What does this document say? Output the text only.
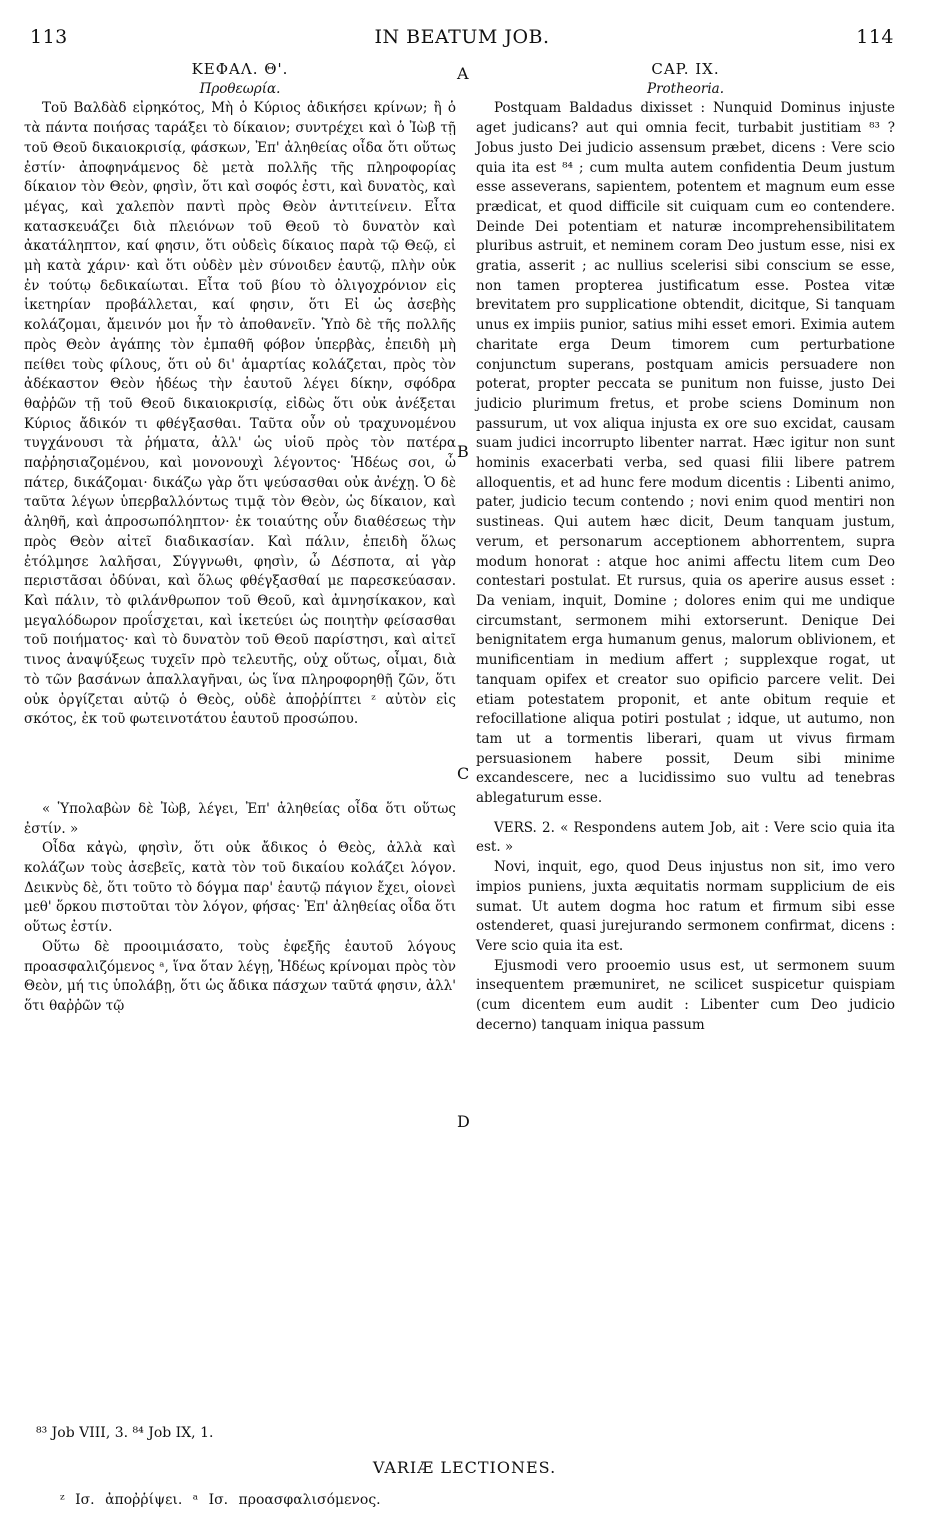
113	IN BEATUM JOB.	114

ΚΕΦΑΛ. Θ'.

Προθεωρία.

Τοῦ Βαλδὰδ εἰρηκότος, Μὴ ὁ Κύριος ἀδικήσει κρίνων; ἢ ὁ τὰ πάντα ποιήσας ταράξει τὸ δίκαιον; συντρέχει καὶ ὁ Ἰὼβ τῇ τοῦ Θεοῦ δικαιοκρισίᾳ, φάσκων, Ἐπ' ἀληθείας οἶδα ὅτι οὕτως ἐστίν· ἀποφηνάμενος δὲ μετὰ πολλῆς τῆς πληροφορίας δίκαιον τὸν Θεὸν, φησὶν, ὅτι καὶ σοφός ἐστι, καὶ δυνατὸς, καὶ μέγας, καὶ χαλεπὸν παντὶ πρὸς Θεὸν ἀντιτείνειν. Εἶτα κατασκευάζει διὰ πλειόνων τοῦ Θεοῦ τὸ δυνατὸν καὶ ἀκατάληπτον, καί φησιν, ὅτι οὐδεὶς δίκαιος παρὰ τῷ Θεῷ, εἰ μὴ κατὰ χάριν· καὶ ὅτι οὐδὲν μὲν σύνοιδεν ἑαυτῷ, πλὴν οὐκ ἐν τούτῳ δεδικαίωται. Εἶτα τοῦ βίου τὸ ὀλιγοχρόνιον εἰς ἱκετηρίαν προβάλλεται, καί φησιν, ὅτι Εἰ ὡς ἀσεβὴς κολάζομαι, ἄμεινόν μοι ἦν τὸ ἀποθανεῖν. Ὑπὸ δὲ τῆς πολλῆς πρὸς Θεὸν ἀγάπης τὸν ἐμπαθῆ φόβον ὑπερβὰς, ἐπειδὴ μὴ πείθει τοὺς φίλους, ὅτι οὐ δι' ἁμαρτίας κολάζεται, πρὸς τὸν ἀδέκαστον Θεὸν ἡδέως τὴν ἑαυτοῦ λέγει δίκην, σφόδρα θαῤῥῶν τῇ τοῦ Θεοῦ δικαιοκρισίᾳ, εἰδὼς ὅτι οὐκ ἀνέξεται Κύριος ἄδικόν τι φθέγξασθαι. Ταῦτα οὖν οὐ τραχυνομένου τυγχάνουσι τὰ ῥήματα, ἀλλ' ὡς υἱοῦ πρὸς τὸν πατέρα παῤῥησιαζομένου, καὶ μονονουχὶ λέγοντος· Ἡδέως σοι, ὦ πάτερ, δικάζομαι· δικάζω γὰρ ὅτι ψεύσασθαι οὐκ ἀνέχῃ. Ὁ δὲ ταῦτα λέγων ὑπερβαλλόντως τιμᾷ τὸν Θεὸν, ὡς δίκαιον, καὶ ἀληθῆ, καὶ ἀπροσωπόληπτον· ἐκ τοιαύτης οὖν διαθέσεως τὴν πρὸς Θεὸν αἰτεῖ διαδικασίαν. Καὶ πάλιν, ἐπειδὴ ὅλως ἐτόλμησε λαλῆσαι, Σύγγνωθι, φησὶν, ὦ Δέσποτα, αἱ γὰρ περιστᾶσαι ὀδύναι, καὶ ὅλως φθέγξασθαί με παρεσκεύασαν. Καὶ πάλιν, τὸ φιλάνθρωπον τοῦ Θεοῦ, καὶ ἀμνησίκακον, καὶ μεγαλόδωρον προΐσχεται, καὶ ἱκετεύει ὡς ποιητὴν φείσασθαι τοῦ ποιήματος· καὶ τὸ δυνατὸν τοῦ Θεοῦ παρίστησι, καὶ αἰτεῖ τινος ἀναψύξεως τυχεῖν πρὸ τελευτῆς, οὐχ οὕτως, οἶμαι, διὰ τὸ τῶν βασάνων ἀπαλλαγῆναι, ὡς ἵνα πληροφορηθῇ ζῶν, ὅτι οὐκ ὀργίζεται αὐτῷ ὁ Θεὸς, οὐδὲ ἀποῤῥίπτει ᶻ αὐτὸν εἰς σκότος, ἐκ τοῦ φωτεινοτάτου ἑαυτοῦ προσώπου.

« Ὑπολαβὼν δὲ Ἰὼβ, λέγει, Ἐπ' ἀληθείας οἶδα ὅτι οὕτως ἐστίν. »

Οἶδα κἀγὼ, φησὶν, ὅτι οὐκ ἄδικος ὁ Θεὸς, ἀλλὰ καὶ κολάζων τοὺς ἀσεβεῖς, κατὰ τὸν τοῦ δικαίου κολάζει λόγον. Δεικνὺς δὲ, ὅτι τοῦτο τὸ δόγμα παρ' ἑαυτῷ πάγιον ἔχει, οἱονεὶ μεθ' ὅρκου πιστοῦται τὸν λόγον, φήσας· Ἐπ' ἀληθείας οἶδα ὅτι οὕτως ἐστίν.

Οὕτω δὲ προοιμιάσατο, τοὺς ἐφεξῆς ἑαυτοῦ λόγους προασφαλιζόμενος ᵃ, ἵνα ὅταν λέγῃ, Ἡδέως κρίνομαι πρὸς τὸν Θεὸν, μή τις ὑπολάβῃ, ὅτι ὡς ἄδικα πάσχων ταῦτά φησιν, ἀλλ' ὅτι θαῤῥῶν τῷ

CAP. IX.

Protheoria.

Postquam Baldadus dixisset : Nunquid Dominus injuste aget judicans? aut qui omnia fecit, turbabit justitiam ⁸³ ? Jobus justo Dei judicio assensum præbet, dicens : Vere scio quia ita est ⁸⁴ ; cum multa autem confidentia Deum justum esse asseverans, sapientem, potentem et magnum eum esse prædicat, et quod difficile sit cuiquam cum eo contendere. Deinde Dei potentiam et naturæ incomprehensibilitatem pluribus astruit, et neminem coram Deo justum esse, nisi ex gratia, asserit ; ac nullius scelerisi sibi conscium se esse, non tamen propterea justificatum esse. Postea vitæ brevitatem pro supplicatione obtendit, dicitque, Si tanquam unus ex impiis punior, satius mihi esset emori. Eximia autem charitate erga Deum timorem cum perturbatione conjunctum superans, postquam amicis persuadere non poterat, propter peccata se punitum non fuisse, justo Dei judicio plurimum fretus, et probe sciens Dominum non passurum, ut vox aliqua injusta ex ore suo excidat, causam suam judici incorrupto libenter narrat. Hæc igitur non sunt hominis exacerbati verba, sed quasi filii libere patrem alloquentis, et ad hunc fere modum dicentis : Libenti animo, pater, judicio tecum contendo ; novi enim quod mentiri non sustineas. Qui autem hæc dicit, Deum tanquam justum, verum, et personarum acceptionem abhorrentem, supra modum honorat : atque hoc animi affectu litem cum Deo contestari postulat. Et rursus, quia os aperire ausus esset : Da veniam, inquit, Domine ; dolores enim qui me undique circumstant, sermonem mihi extorserunt. Denique Dei benignitatem erga humanum genus, malorum oblivionem, et munificentiam in medium affert ; supplexque rogat, ut tanquam opifex et creator suo opificio parcere velit. Dei etiam potestatem proponit, et ante obitum requie et refocillatione aliqua potiri postulat ; idque, ut autumo, non tam ut a tormentis liberari, quam ut vivus firmam persuasionem habere possit, Deum sibi minime excandescere, nec a lucidissimo suo vultu ad tenebras ablegaturum esse.

VERS. 2. « Respondens autem Job, ait : Vere scio quia ita est. »

Novi, inquit, ego, quod Deus injustus non sit, imo vero impios puniens, juxta æquitatis normam supplicium de eis sumat. Ut autem dogma hoc ratum et firmum sibi esse ostenderet, quasi jurejurando sermonem confirmat, dicens : Vere scio quia ita est.

Ejusmodi vero prooemio usus est, ut sermonem suum insequentem præmuniret, ne scilicet suspicetur quispiam (cum dicentem eum audit : Libenter cum Deo judicio decerno) tanquam iniqua passum

A
B
C
D
⁸³ Job VIII, 3. ⁸⁴ Job IX, 1.
VARIÆ LECTIONES.
ᶻ Ισ. ἀποῤῥίψει. ᵃ Ισ. προασφαλισόμενος.
